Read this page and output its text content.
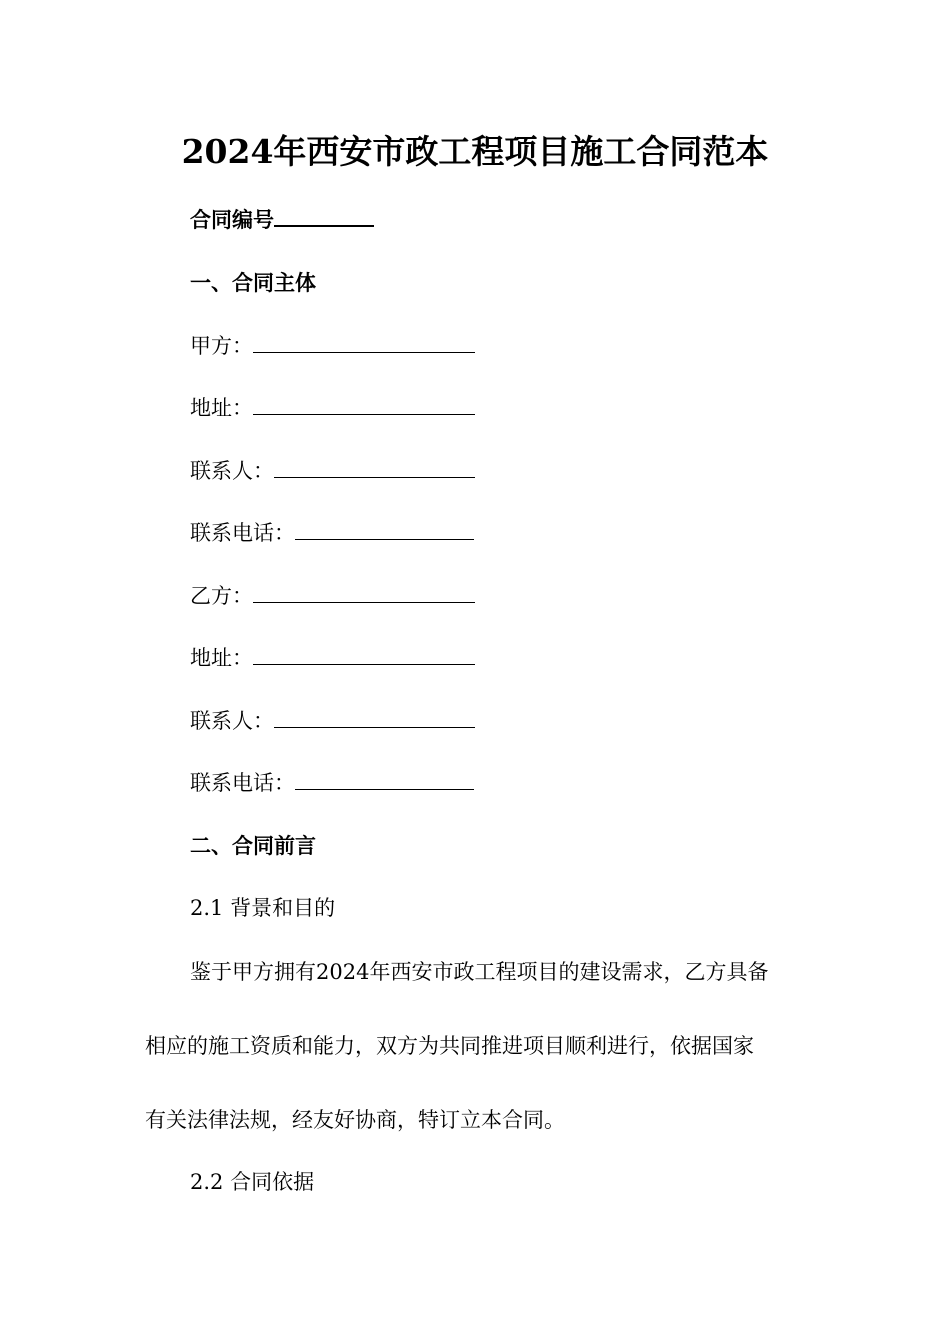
2024年西安市政工程项目施工合同范本
合同编号
一、合同主体
甲方：
地址：
联系人：
联系电话：
乙方：
地址：
联系人：
联系电话：
二、合同前言
2.1 背景和目的
鉴于甲方拥有2024年西安市政工程项目的建设需求，乙方具备
相应的施工资质和能力，双方为共同推进项目顺利进行，依据国家
有关法律法规，经友好协商，特订立本合同。
2.2 合同依据
